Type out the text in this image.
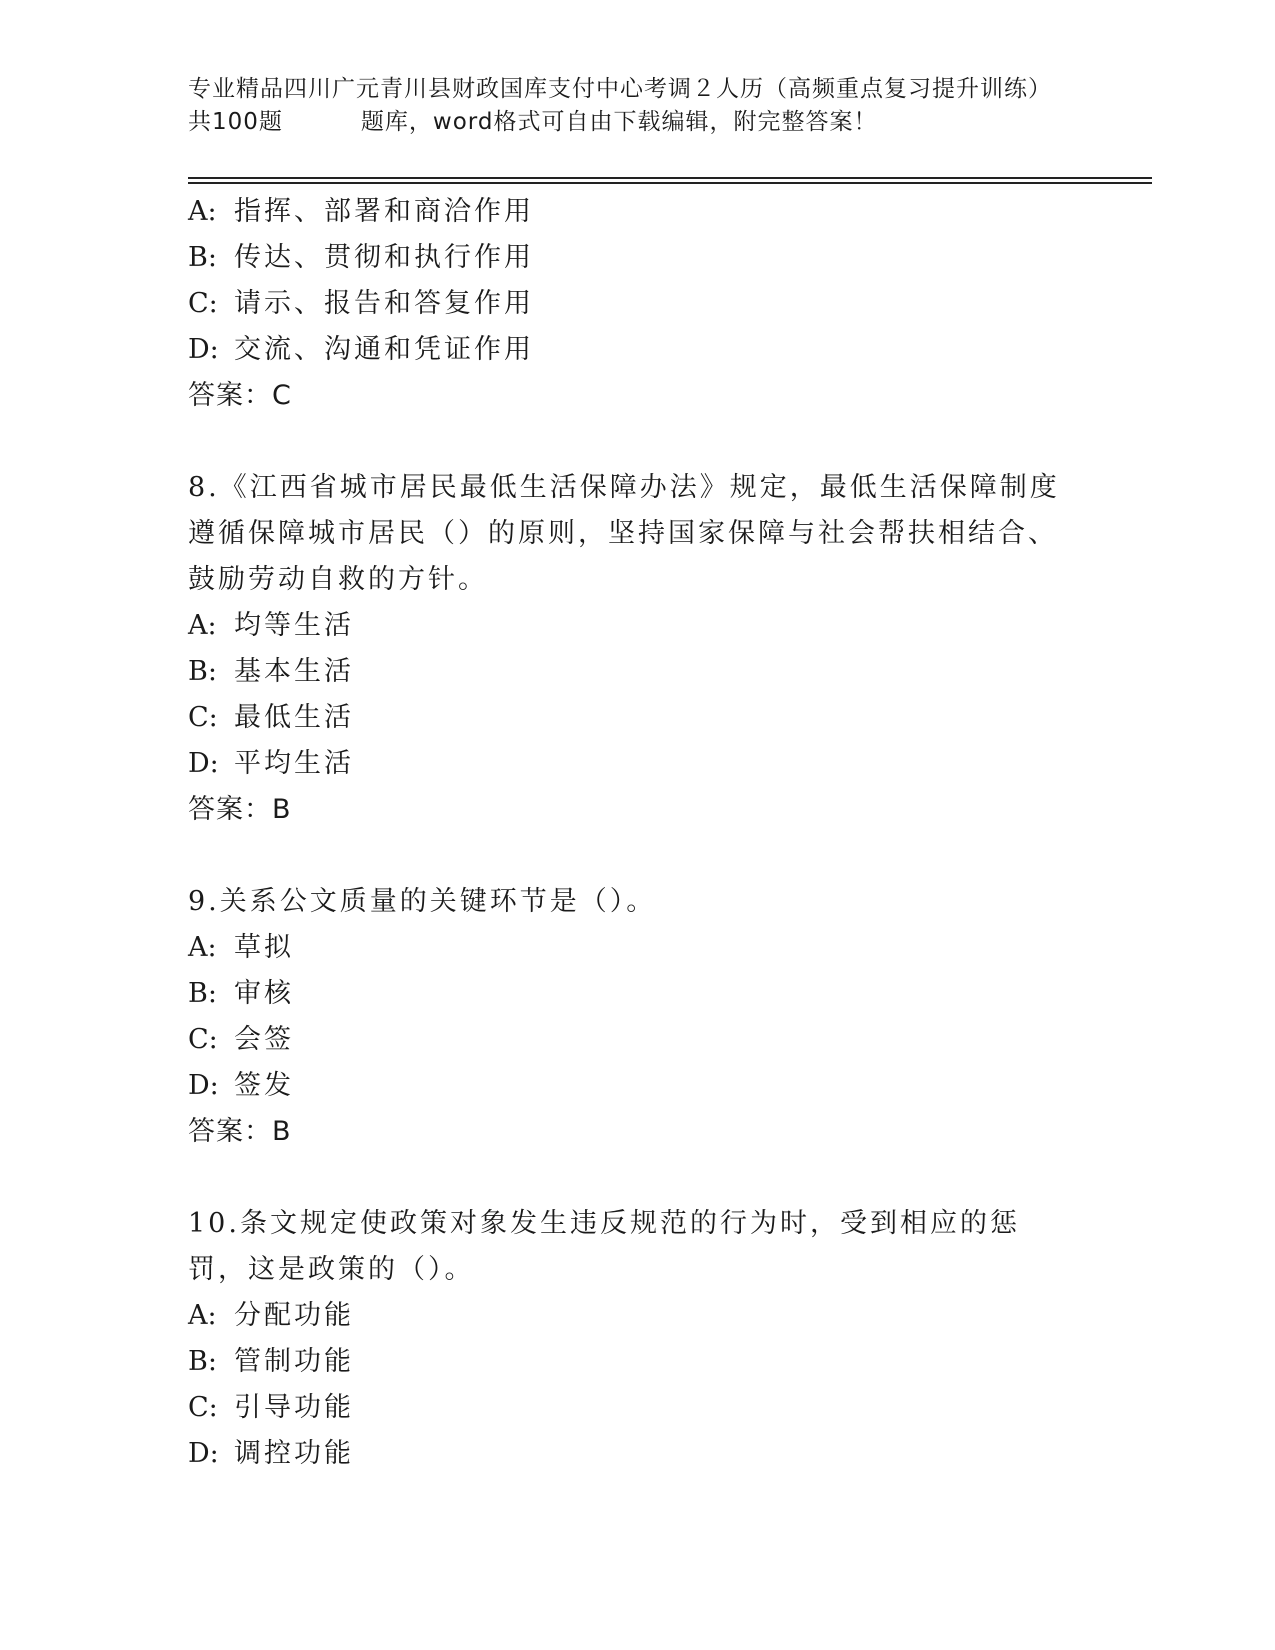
专业精品四川广元青川县财政国库支付中心考调２人历（高频重点复习提升训练）
共100题	题库，word格式可自由下载编辑，附完整答案！
A: 指挥、部署和商洽作用
B: 传达、贯彻和执行作用
C: 请示、报告和答复作用
D: 交流、沟通和凭证作用
答案：C
8.《江西省城市居民最低生活保障办法》规定，最低生活保障制度遵循保障城市居民（）的原则，坚持国家保障与社会帮扶相结合、鼓励劳动自救的方针。
A: 均等生活
B: 基本生活
C: 最低生活
D: 平均生活
答案：B
9.关系公文质量的关键环节是（）。
A: 草拟
B: 审核
C: 会签
D: 签发
答案：B
10.条文规定使政策对象发生违反规范的行为时，受到相应的惩罚，这是政策的（）。
A: 分配功能
B: 管制功能
C: 引导功能
D: 调控功能
